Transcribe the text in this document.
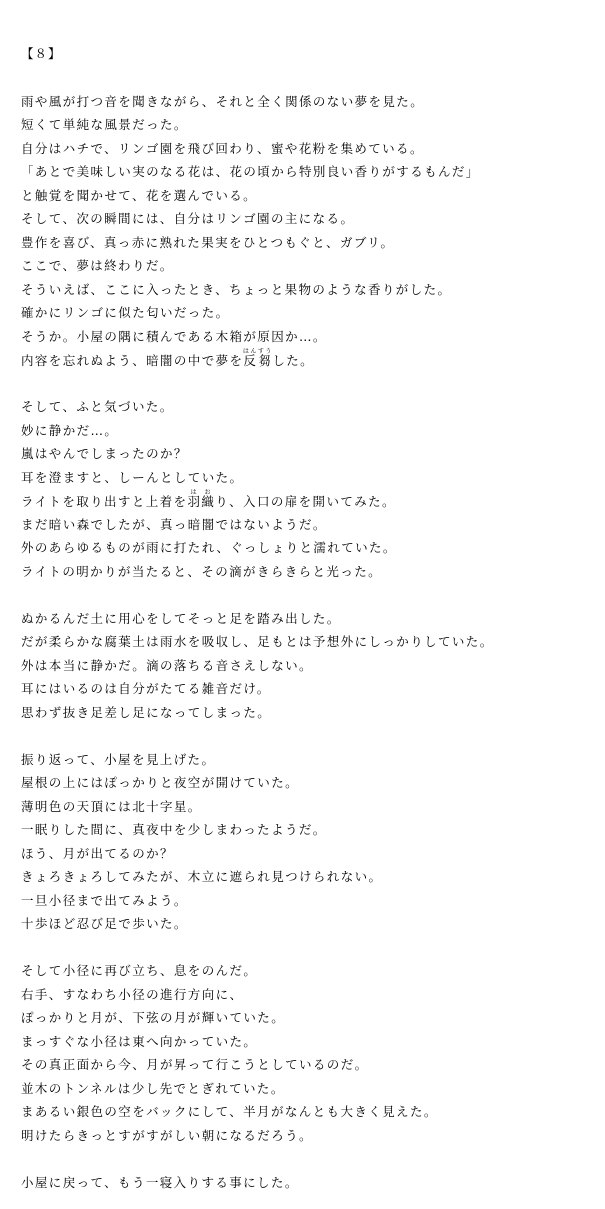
【８】
雨や風が打つ音を聞きながら、それと全く関係のない夢を見た。
短くて単純な風景だった。
自分はハチで、リンゴ園を飛び回わり、蜜や花粉を集めている。
「あとで美味しい実のなる花は、花の頃から特別良い香りがするもんだ」
と触覚を聞かせて、花を選んでいる。
そして、次の瞬間には、自分はリンゴ園の主になる。
豊作を喜び、真っ赤に熟れた果実をひとつもぐと、ガブリ。
ここで、夢は終わりだ。
そういえば、ここに入ったとき、ちょっと果物のような香りがした。
確かにリンゴに似た匂いだった。
そうか。小屋の隅に積んである木箱が原因か…。
内容を忘れぬよう、暗闇の中で夢を反芻はんすうした。
そして、ふと気づいた。
妙に静かだ…。
嵐はやんでしまったのか？
耳を澄ますと、しーんとしていた。
ライトを取り出すと上着を羽織はおり、入口の扉を開いてみた。
まだ暗い森でしたが、真っ暗闇ではないようだ。
外のあらゆるものが雨に打たれ、ぐっしょりと濡れていた。
ライトの明かりが当たると、その滴がきらきらと光った。
ぬかるんだ土に用心をしてそっと足を踏み出した。
だが柔らかな腐葉土は雨水を吸収し、足もとは予想外にしっかりしていた。
外は本当に静かだ。滴の落ちる音さえしない。
耳にはいるのは自分がたてる雑音だけ。
思わず抜き足差し足になってしまった。
振り返って、小屋を見上げた。
屋根の上にはぽっかりと夜空が開けていた。
薄明色の天頂には北十字星。
一眠りした間に、真夜中を少しまわったようだ。
ほう、月が出てるのか？
きょろきょろしてみたが、木立に遮られ見つけられない。
一旦小径まで出てみよう。
十歩ほど忍び足で歩いた。
そして小径に再び立ち、息をのんだ。
右手、すなわち小径の進行方向に、
ぽっかりと月が、下弦の月が輝いていた。
まっすぐな小径は東へ向かっていた。
その真正面から今、月が昇って行こうとしているのだ。
並木のトンネルは少し先でとぎれていた。
まあるい銀色の空をバックにして、半月がなんとも大きく見えた。
明けたらきっとすがすがしい朝になるだろう。
小屋に戻って、もう一寝入りする事にした。
